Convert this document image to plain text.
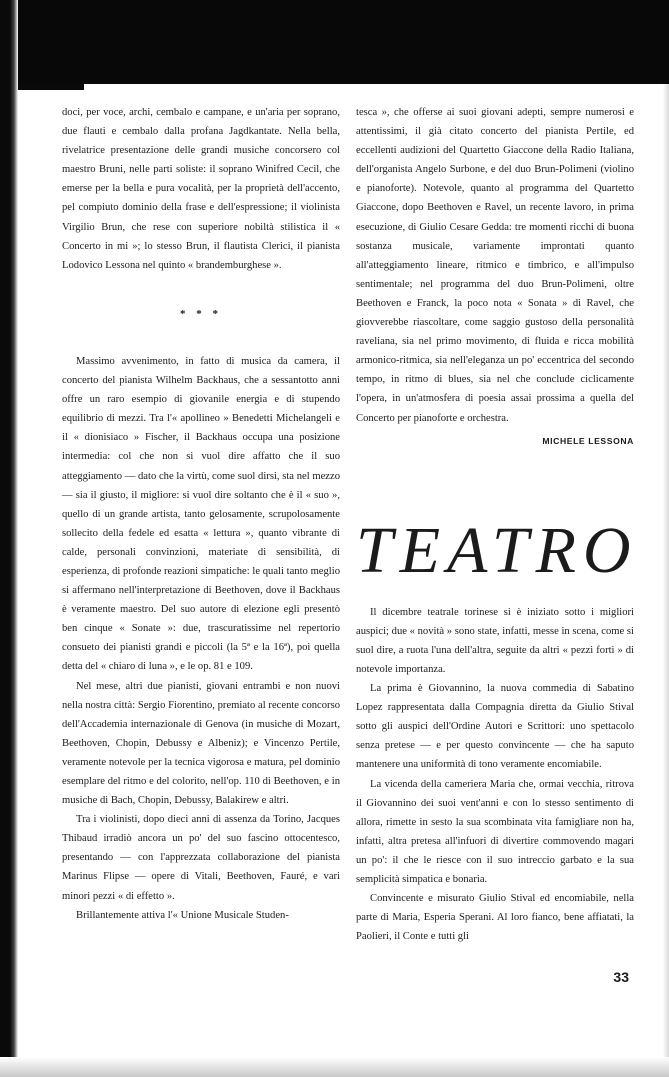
doci, per voce, archi, cembalo e campane, e un'aria per soprano, due flauti e cembalo dalla profana Jagdkantate. Nella bella, rivelatrice presentazione delle grandi musiche concorsero col maestro Bruni, nelle parti soliste: il soprano Winifred Cecil, che emerse per la bella e pura vocalità, per la proprietà dell'accento, pel compiuto dominio della frase e dell'espressione; il violinista Virgilio Brun, che rese con superiore nobiltà stilistica il « Concerto in mi »; lo stesso Brun, il flautista Clerici, il pianista Lodovico Lessona nel quinto « brandemburghese ».

* * *

Massimo avvenimento, in fatto di musica da camera, il concerto del pianista Wilhelm Backhaus, che a sessantotto anni offre un raro esempio di giovanile energia e di stupendo equilibrio di mezzi. Tra l'« apollineo » Benedetti Michelangeli e il « dionisiaco » Fischer, il Backhaus occupa una posizione intermedia: col che non si vuol dire affatto che il suo atteggiamento — dato che la virtù, come suol dirsi, sta nel mezzo — sia il giusto, il migliore: si vuol dire soltanto che è il « suo », quello di un grande artista, tanto gelosamente, scrupolosamente sollecito della fedele ed esatta « lettura », quanto vibrante di calde, personali convinzioni, materiate di sensibilità, di esperienza, di profonde reazioni simpatiche: le quali tanto meglio si affermano nell'interpretazione di Beethoven, dove il Backhaus è veramente maestro. Del suo autore di elezione egli presentò ben cinque « Sonate »: due, trascuratissime nel repertorio consueto dei pianisti grandi e piccoli (la 5ª e la 16ª), poi quella detta del « chiaro di luna », e le op. 81 e 109.

Nel mese, altri due pianisti, giovani entrambi e non nuovi nella nostra città: Sergio Fiorentino, premiato al recente concorso dell'Accademia internazionale di Genova (in musiche di Mozart, Beethoven, Chopin, Debussy e Albeniz); e Vincenzo Pertile, veramente notevole per la tecnica vigorosa e matura, pel dominio esemplare del ritmo e del colorito, nell'op. 110 di Beethoven, e in musiche di Bach, Chopin, Debussy, Balakirew e altri.

Tra i violinisti, dopo dieci anni di assenza da Torino, Jacques Thibaud irradiò ancora un po' del suo fascino ottocentesco, presentando — con l'apprezzata collaborazione del pianista Marinus Flipse — opere di Vitali, Beethoven, Fauré, e vari minori pezzi « di effetto ».

Brillantemente attiva l'« Unione Musicale Studen-

tesca », che offerse ai suoi giovani adepti, sempre numerosi e attentissimi, il già citato concerto del pianista Pertile, ed eccellenti audizioni del Quartetto Giaccone della Radio Italiana, dell'organista Angelo Surbone, e del duo Brun-Polimeni (violino e pianoforte). Notevole, quanto al programma del Quartetto Giaccone, dopo Beethoven e Ravel, un recente lavoro, in prima esecuzione, di Giulio Cesare Gedda: tre momenti ricchi di buona sostanza musicale, variamente improntati quanto all'atteggiamento lineare, ritmico e timbrico, e all'impulso sentimentale; nel programma del duo Brun-Polimeni, oltre Beethoven e Franck, la poco nota « Sonata » di Ravel, che giovverebbe riascoltare, come saggio gustoso della personalità raveliana, sia nel primo movimento, di fluida e ricca mobilità armonico-ritmica, sia nell'eleganza un po' eccentrica del secondo tempo, in ritmo di blues, sia nel che conclude ciclicamente l'opera, in un'atmosfera di poesia assai prossima a quella del Concerto per pianoforte e orchestra.

MICHELE LESSONA
TEATRO

Il dicembre teatrale torinese si è iniziato sotto i migliori auspici; due « novità » sono state, infatti, messe in scena, come si suol dire, a ruota l'una dell'altra, seguite da altri « pezzi forti » di notevole importanza.

La prima è Giovannino, la nuova commedia di Sabatino Lopez rappresentata dalla Compagnia diretta da Giulio Stival sotto gli auspici dell'Ordine Autori e Scrittori: uno spettacolo senza pretese — e per questo convincente — che ha saputo mantenere una uniformità di tono veramente encomiabile.

La vicenda della cameriera Maria che, ormai vecchia, ritrova il Giovannino dei suoi vent'anni e con lo stesso sentimento di allora, rimette in sesto la sua scombinata vita famigliare non ha, infatti, altra pretesa all'infuori di divertire commovendo magari un po': il che le riesce con il suo intreccio garbato e la sua semplicità simpatica e bonaria.

Convincente e misurato Giulio Stival ed encomiabile, nella parte di Maria, Esperia Sperani. Al loro fianco, bene affiatati, la Paolieri, il Conte e tutti gli

33
